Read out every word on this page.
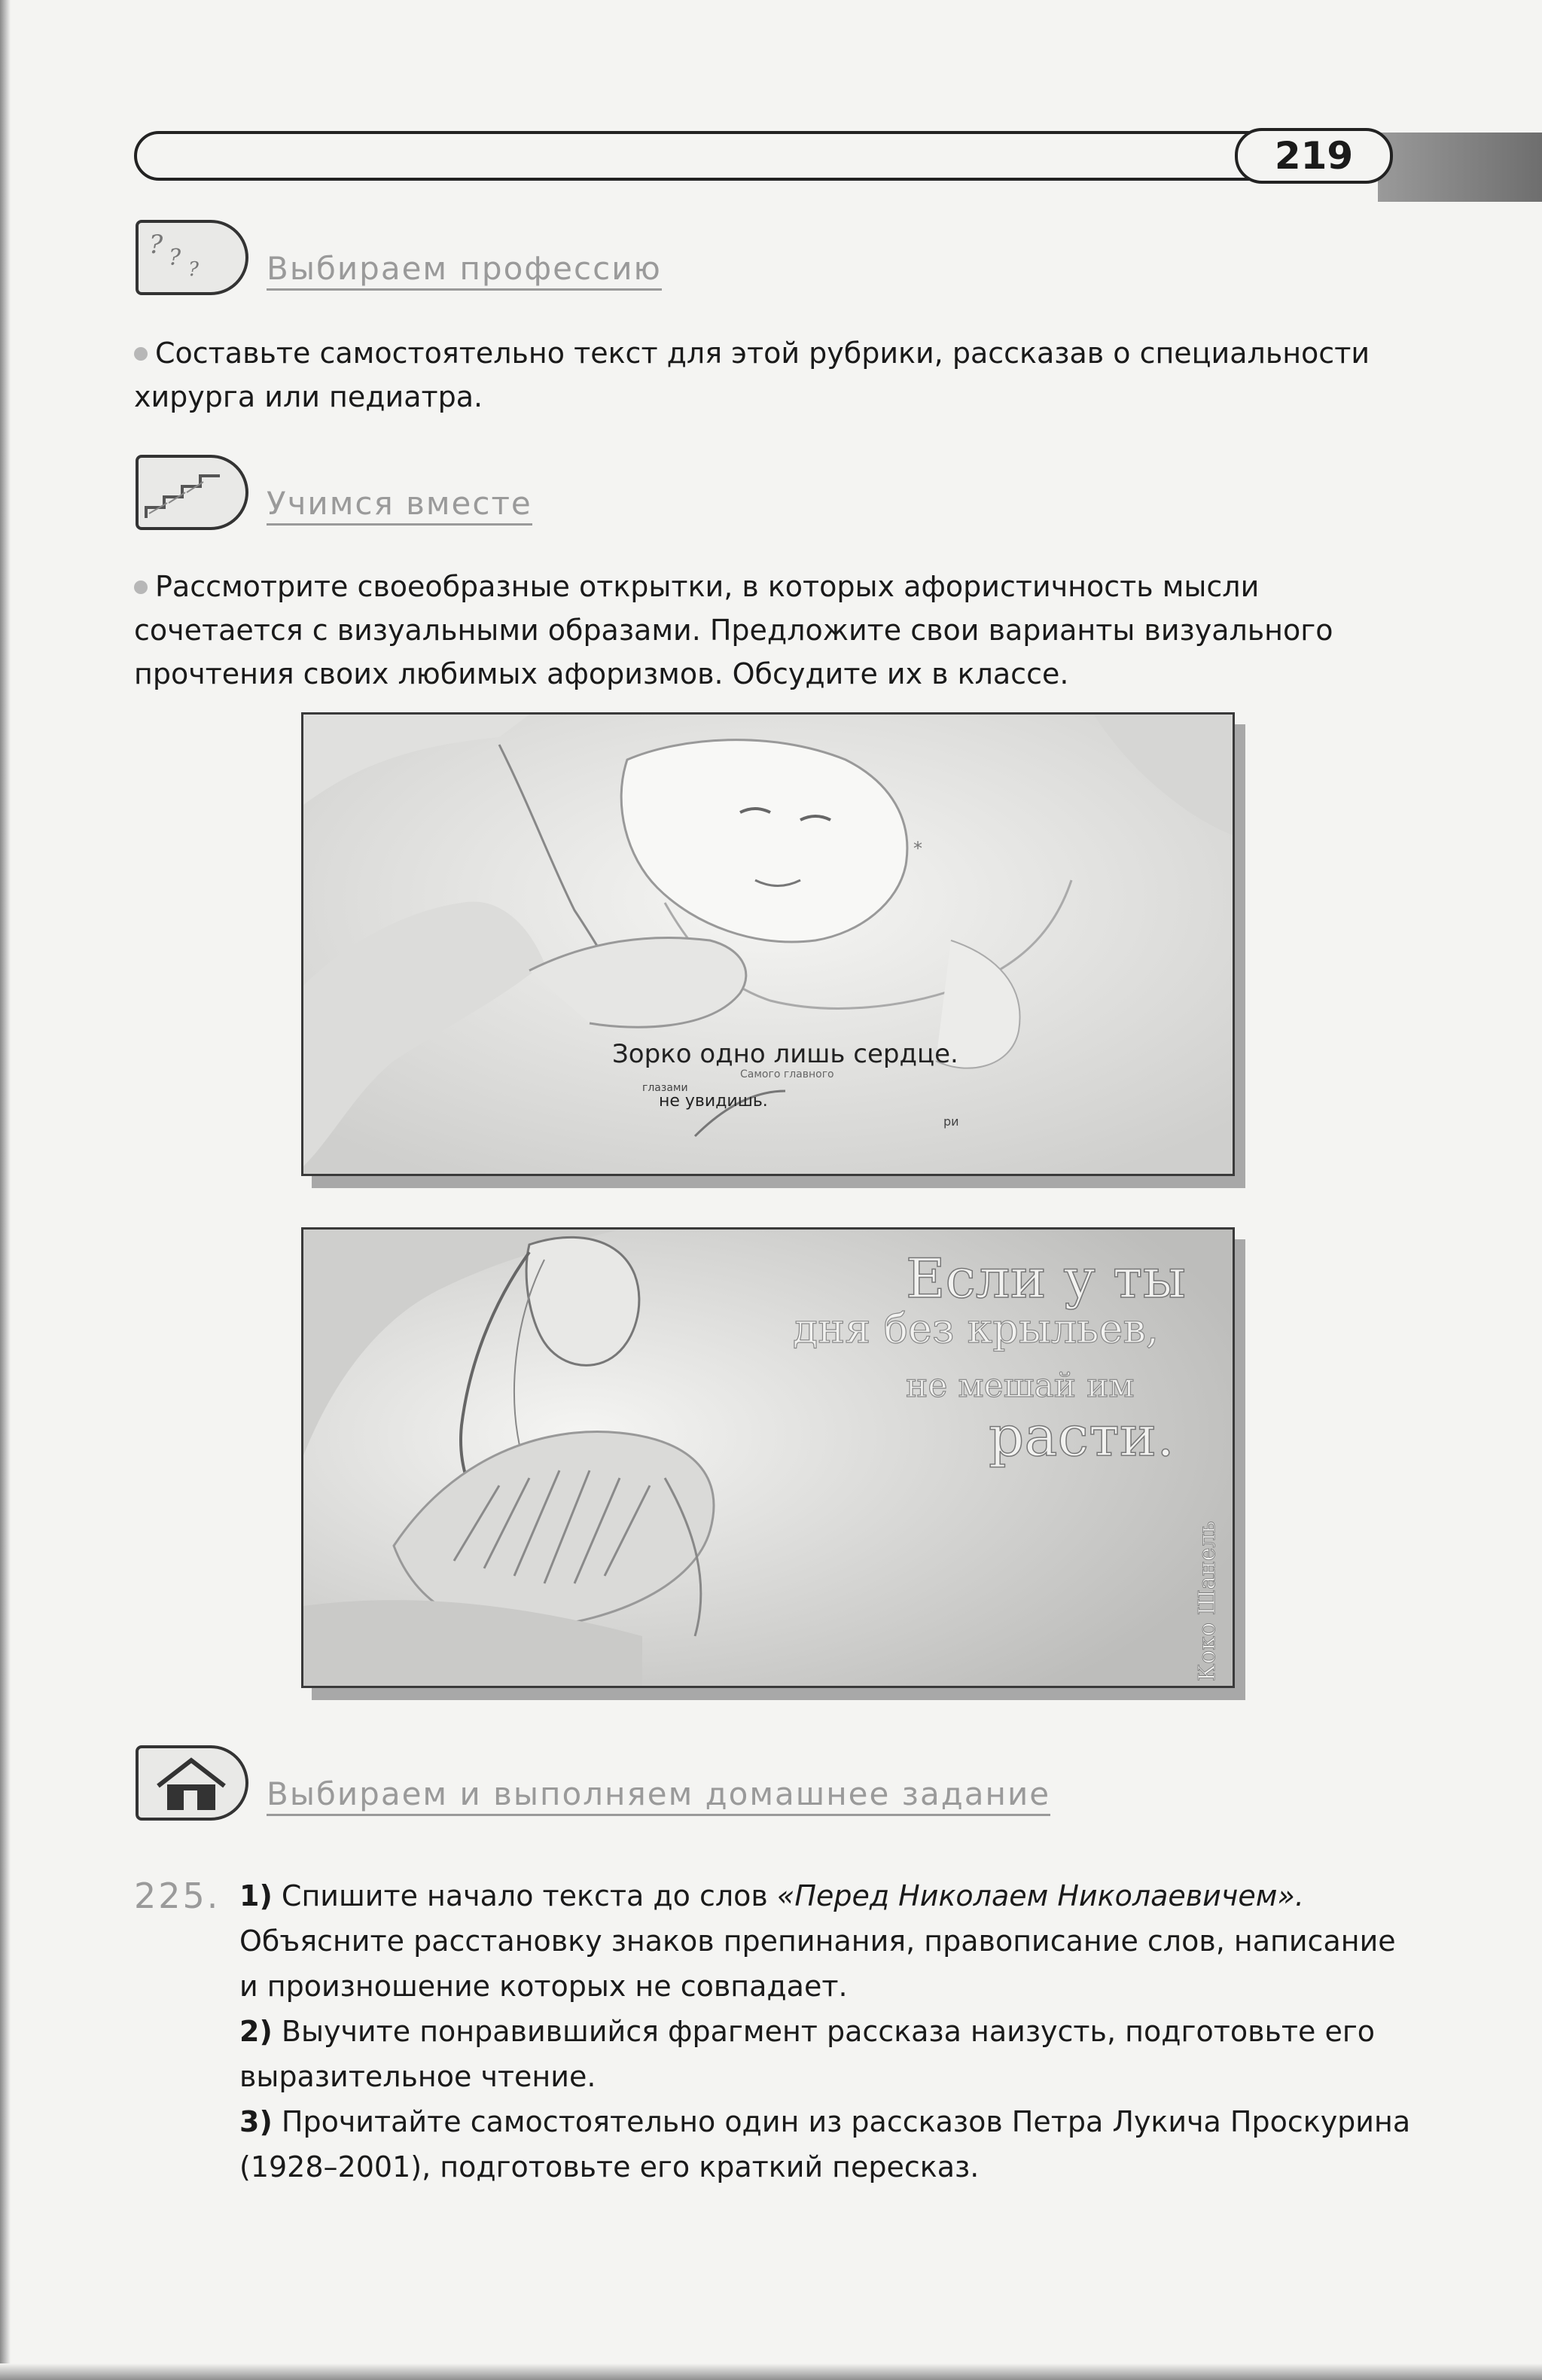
219
? ? ? Выбираем профессию
Составьте самостоятельно текст для этой рубрики, рассказав о специальности хирурга или педиатра.
Учимся вместе
Рассмотрите своеобразные открытки, в которых афористичность мысли сочетается с визуальными образами. Предложите свои варианты визуального прочтения своих любимых афоризмов. Обсудите их в классе.
*
Зорко одно лишь сердце.
Самого главного
глазами
не увидишь.
ри
Если у ты
дня без крыльев,
не мешай им
расти.
Коко Шанель
Выбираем и выполняем домашнее задание
225. 1) Спишите начало текста до слов «Перед Николаем Николаевичем». Объясните расстановку знаков препинания, правописание слов, написание и произношение которых не совпадает.

2) Выучите понравившийся фрагмент рассказа наизусть, подготовьте его выразительное чтение.

3) Прочитайте самостоятельно один из рассказов Петра Лукича Проскурина (1928–2001), подготовьте его краткий пересказ.
